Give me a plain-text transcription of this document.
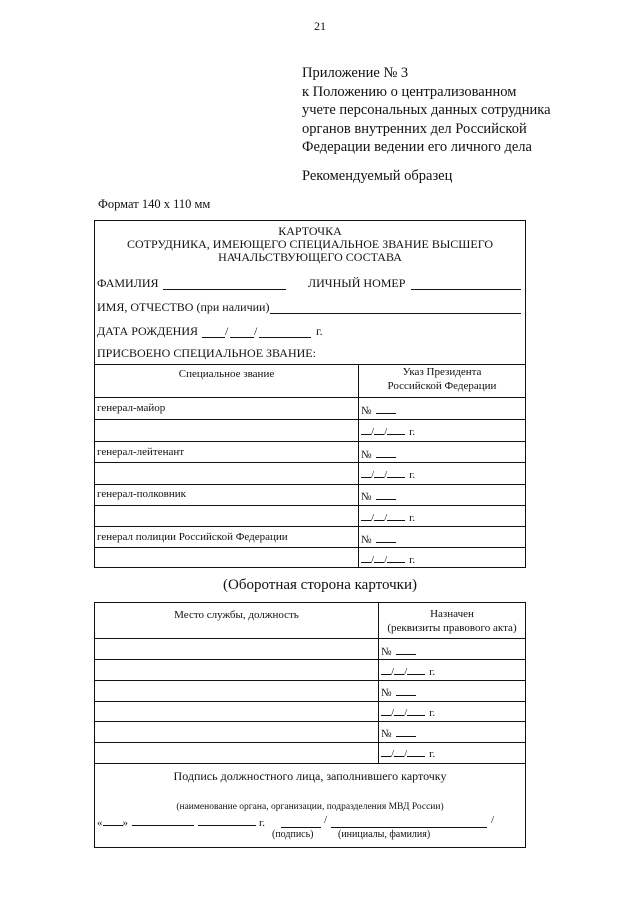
21
Приложение № 3
к Положению о централизованном
учете персональных данных сотрудника
органов внутренних дел Российской
Федерации ведении его личного дела
Рекомендуемый образец
Формат 140 х 110 мм
КАРТОЧКА
СОТРУДНИКА, ИМЕЮЩЕГО СПЕЦИАЛЬНОЕ ЗВАНИЕ ВЫСШЕГО
НАЧАЛЬСТВУЮЩЕГО СОСТАВА
ФАМИЛИЯ	ЛИЧНЫЙ НОМЕР
ИМЯ, ОТЧЕСТВО (при наличии)
ДАТА РОЖДЕНИЯ / /	г.
ПРИСВОЕНО СПЕЦИАЛЬНОЕ ЗВАНИЕ:
Специальное звание	Указ Президента
Российской Федерации
генерал-майор	№
/ / г.
генерал-лейтенант	№
/ / г.
генерал-полковник	№
/ / г.
генерал полиции Российской Федерации	№
/ / г.
(Оборотная сторона карточки)
Место службы, должность	Назначен
(реквизиты правового акта)
№
/ / г.
№
/ / г.
№
/ / г.
Подпись должностного лица, заполнившего карточку
(наименование органа, организации, подразделения МВД России)
« »	г.	/	/
(подпись) (инициалы, фамилия)
